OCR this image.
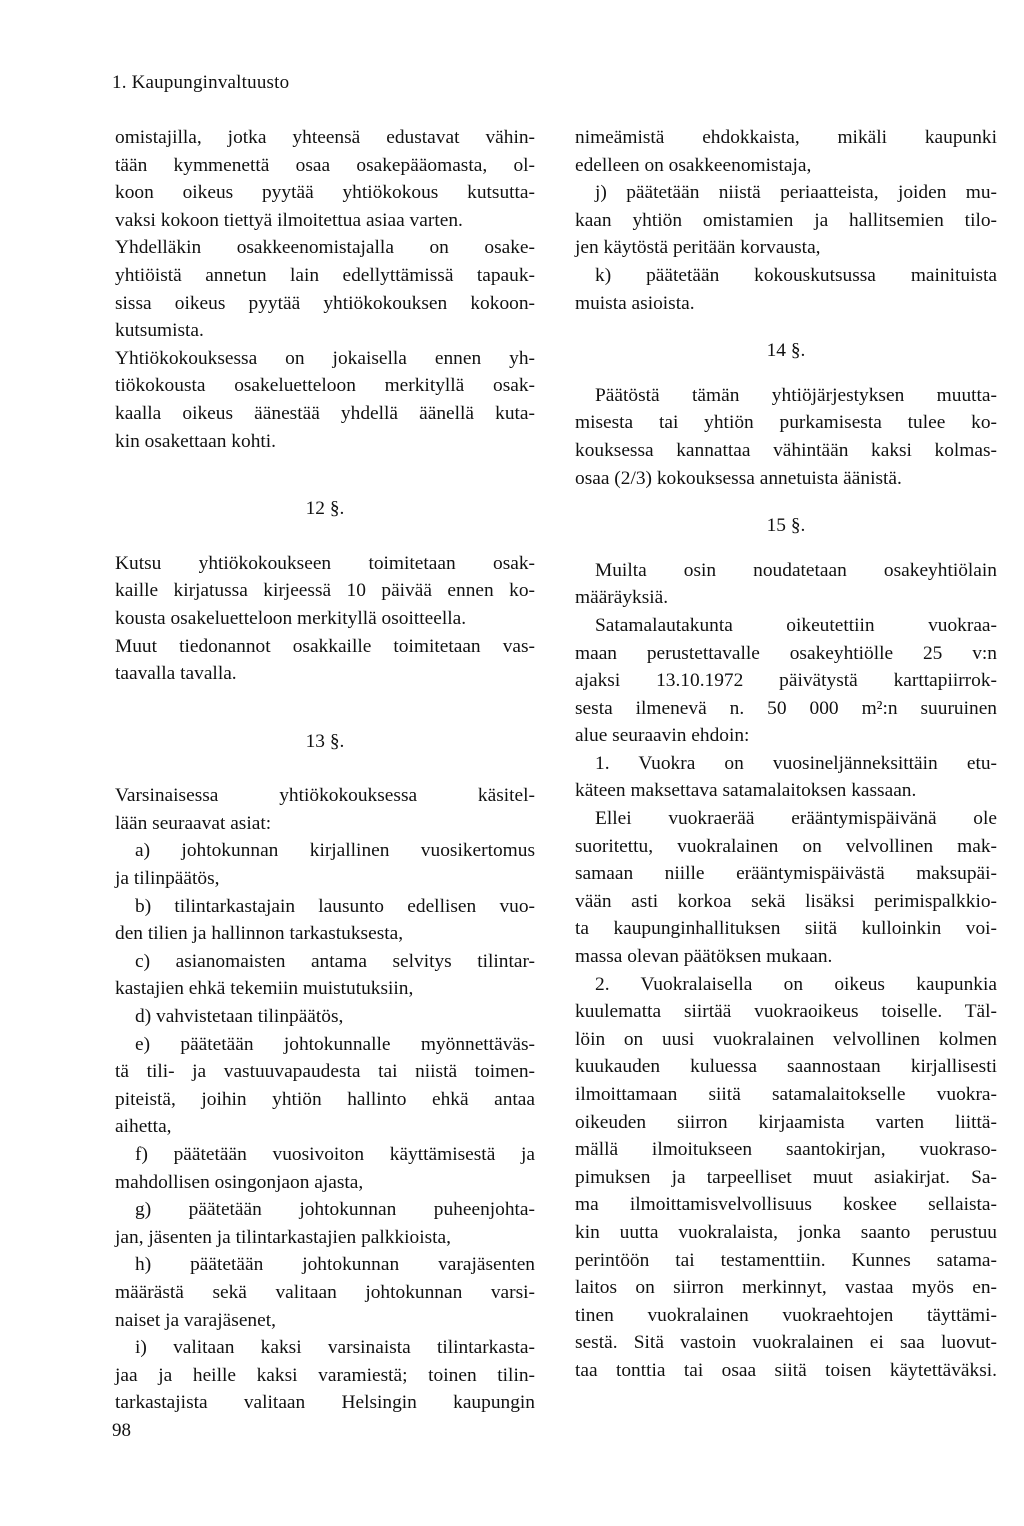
1. Kaupunginvaltuusto
omistajilla, jotka yhteensä edustavat vähin-
tään kymmenettä osaa osakepääomasta, ol-
koon oikeus pyytää yhtiökokous kutsutta-
vaksi kokoon tiettyä ilmoitettua asiaa varten.
Yhdelläkin osakkeenomistajalla on osake-
yhtiöistä annetun lain edellyttämissä tapauk-
sissa oikeus pyytää yhtiökokouksen kokoon-
kutsumista.
Yhtiökokouksessa on jokaisella ennen yh-
tiökokousta osakeluetteloon merkityllä osak-
kaalla oikeus äänestää yhdellä äänellä kuta-
kin osakettaan kohti.
12 §.
Kutsu yhtiökokoukseen toimitetaan osak-
kaille kirjatussa kirjeessä 10 päivää ennen ko-
kousta osakeluetteloon merkityllä osoitteella.
Muut tiedonannot osakkaille toimitetaan vas-
taavalla tavalla.
13 §.
Varsinaisessa yhtiökokouksessa käsitel-
lään seuraavat asiat:
a) johtokunnan kirjallinen vuosikertomus
ja tilinpäätös,
b) tilintarkastajain lausunto edellisen vuo-
den tilien ja hallinnon tarkastuksesta,
c) asianomaisten antama selvitys tilintar-
kastajien ehkä tekemiin muistutuksiin,
d) vahvistetaan tilinpäätös,
e) päätetään johtokunnalle myönnettäväs-
tä tili- ja vastuuvapaudesta tai niistä toimen-
piteistä, joihin yhtiön hallinto ehkä antaa
aihetta,
f) päätetään vuosivoiton käyttämisestä ja
mahdollisen osingonjaon ajasta,
g) päätetään johtokunnan puheenjohta-
jan, jäsenten ja tilintarkastajien palkkioista,
h) päätetään johtokunnan varajäsenten
määrästä sekä valitaan johtokunnan varsi-
naiset ja varajäsenet,
i) valitaan kaksi varsinaista tilintarkasta-
jaa ja heille kaksi varamiestä; toinen tilin-
tarkastajista valitaan Helsingin kaupungin
nimeämistä ehdokkaista, mikäli kaupunki
edelleen on osakkeenomistaja,
j) päätetään niistä periaatteista, joiden mu-
kaan yhtiön omistamien ja hallitsemien tilo-
jen käytöstä peritään korvausta,
k) päätetään kokouskutsussa mainituista
muista asioista.
14 §.
Päätöstä tämän yhtiöjärjestyksen muutta-
misesta tai yhtiön purkamisesta tulee ko-
kouksessa kannattaa vähintään kaksi kolmas-
osaa (2/3) kokouksessa annetuista äänistä.
15 §.
Muilta osin noudatetaan osakeyhtiölain
määräyksiä.
Satamalautakunta oikeutettiin vuokraa-
maan perustettavalle osakeyhtiölle 25 v:n
ajaksi 13.10.1972 päivätystä karttapiirrok-
sesta ilmenevä n. 50 000 m²:n suuruinen
alue seuraavin ehdoin:
1. Vuokra on vuosineljänneksittäin etu-
käteen maksettava satamalaitoksen kassaan.
Ellei vuokraerää erääntymispäivänä ole
suoritettu, vuokralainen on velvollinen mak-
samaan niille erääntymispäivästä maksupäi-
vään asti korkoa sekä lisäksi perimispalkkio-
ta kaupunginhallituksen siitä kulloinkin voi-
massa olevan päätöksen mukaan.
2. Vuokralaisella on oikeus kaupunkia
kuulematta siirtää vuokraoikeus toiselle. Täl-
löin on uusi vuokralainen velvollinen kolmen
kuukauden kuluessa saannostaan kirjallisesti
ilmoittamaan siitä satamalaitokselle vuokra-
oikeuden siirron kirjaamista varten liittä-
mällä ilmoitukseen saantokirjan, vuokraso-
pimuksen ja tarpeelliset muut asiakirjat. Sa-
ma ilmoittamisvelvollisuus koskee sellaista-
kin uutta vuokralaista, jonka saanto perustuu
perintöön tai testamenttiin. Kunnes satama-
laitos on siirron merkinnyt, vastaa myös en-
tinen vuokralainen vuokraehtojen täyttämi-
sestä. Sitä vastoin vuokralainen ei saa luovut-
taa tonttia tai osaa siitä toisen käytettäväksi.
98
